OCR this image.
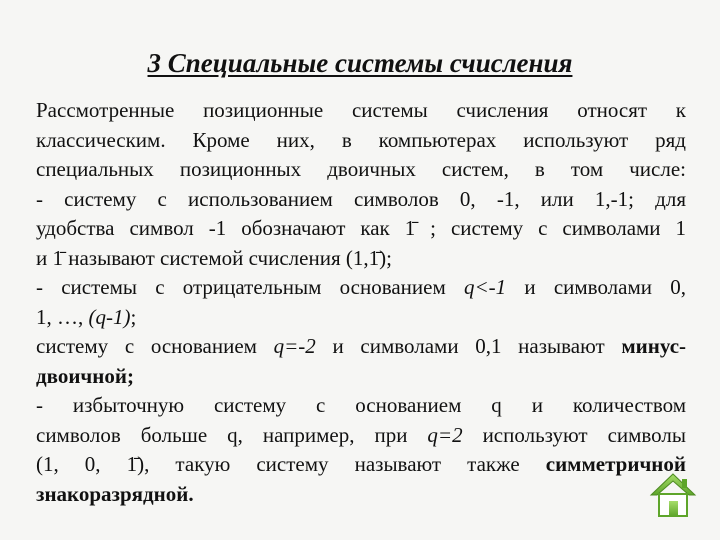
3 Специальные системы счисления
Рассмотренные позиционные системы счисления относят к
классическим. Кроме них, в компьютерах используют ряд
специальных позиционных двоичных систем, в том числе:
- систему с использованием символов 0, -1, или 1,-1; для
удобства символ -1 обозначают как 1̄ ; систему с символами 1
и 1̄ называют системой счисления (1,1̄);
- системы с отрицательным основанием q<-1 и символами 0,
1, …, (q-1);
систему с основанием q=-2 и символами 0,1 называют минус-
двоичной;
- избыточную систему с основанием q и количеством
символов больше q, например, при q=2 используют символы
(1, 0, 1̄), такую систему называют также симметричной
знакоразрядной.
